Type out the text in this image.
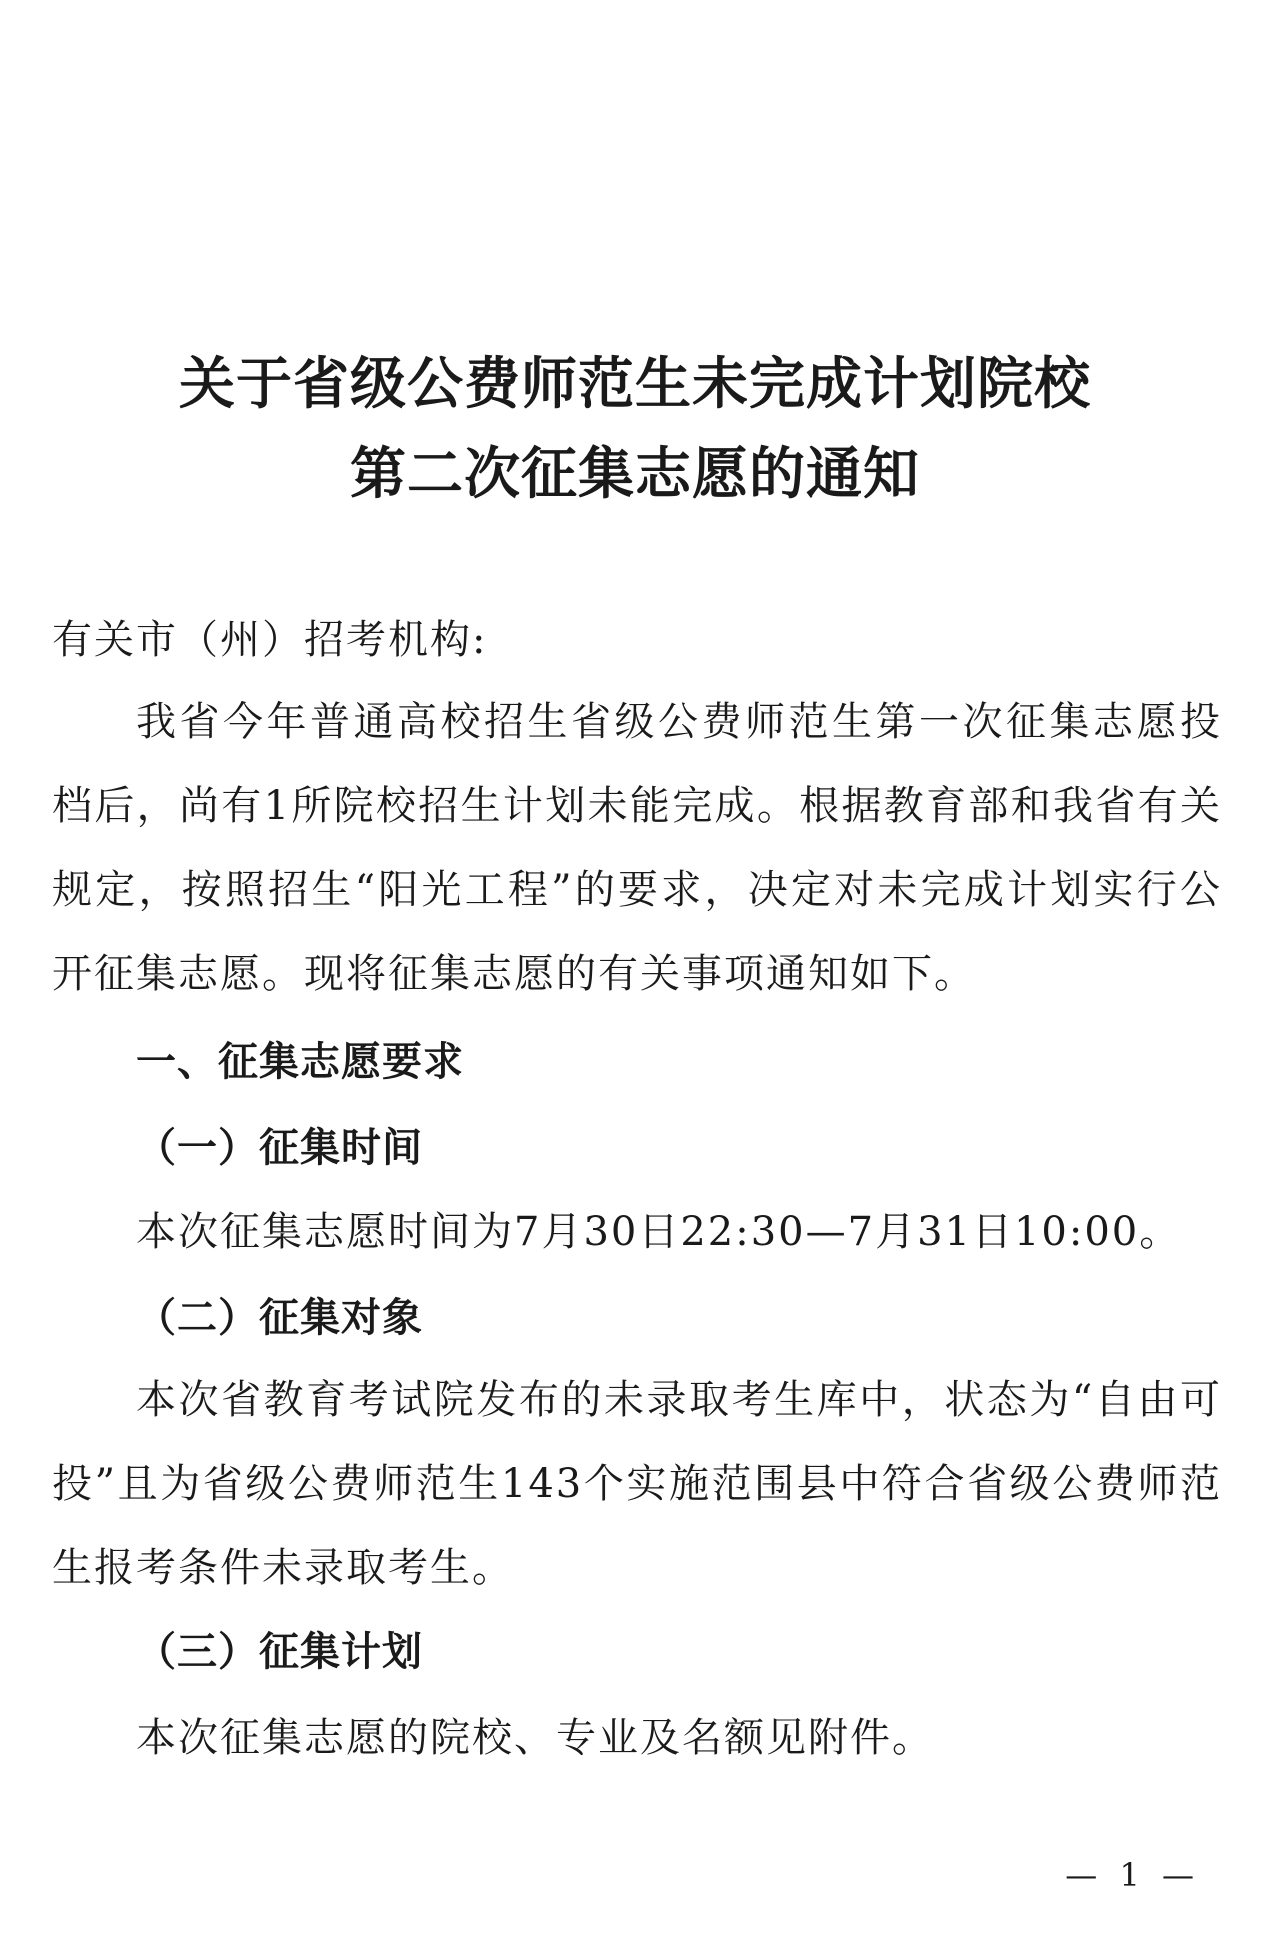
关于省级公费师范生未完成计划院校
第二次征集志愿的通知

有关市（州）招考机构:

我省今年普通高校招生省级公费师范生第一次征集志愿投档后，尚有1所院校招生计划未能完成。根据教育部和我省有关规定，按照招生“阳光工程”的要求，决定对未完成计划实行公开征集志愿。现将征集志愿的有关事项通知如下。

一、征集志愿要求

（一）征集时间

本次征集志愿时间为7月30日22:30—7月31日10:00。

（二）征集对象

本次省教育考试院发布的未录取考生库中，状态为“自由可投”且为省级公费师范生143个实施范围县中符合省级公费师范生报考条件未录取考生。

（三）征集计划

本次征集志愿的院校、专业及名额见附件。

— 1 —
